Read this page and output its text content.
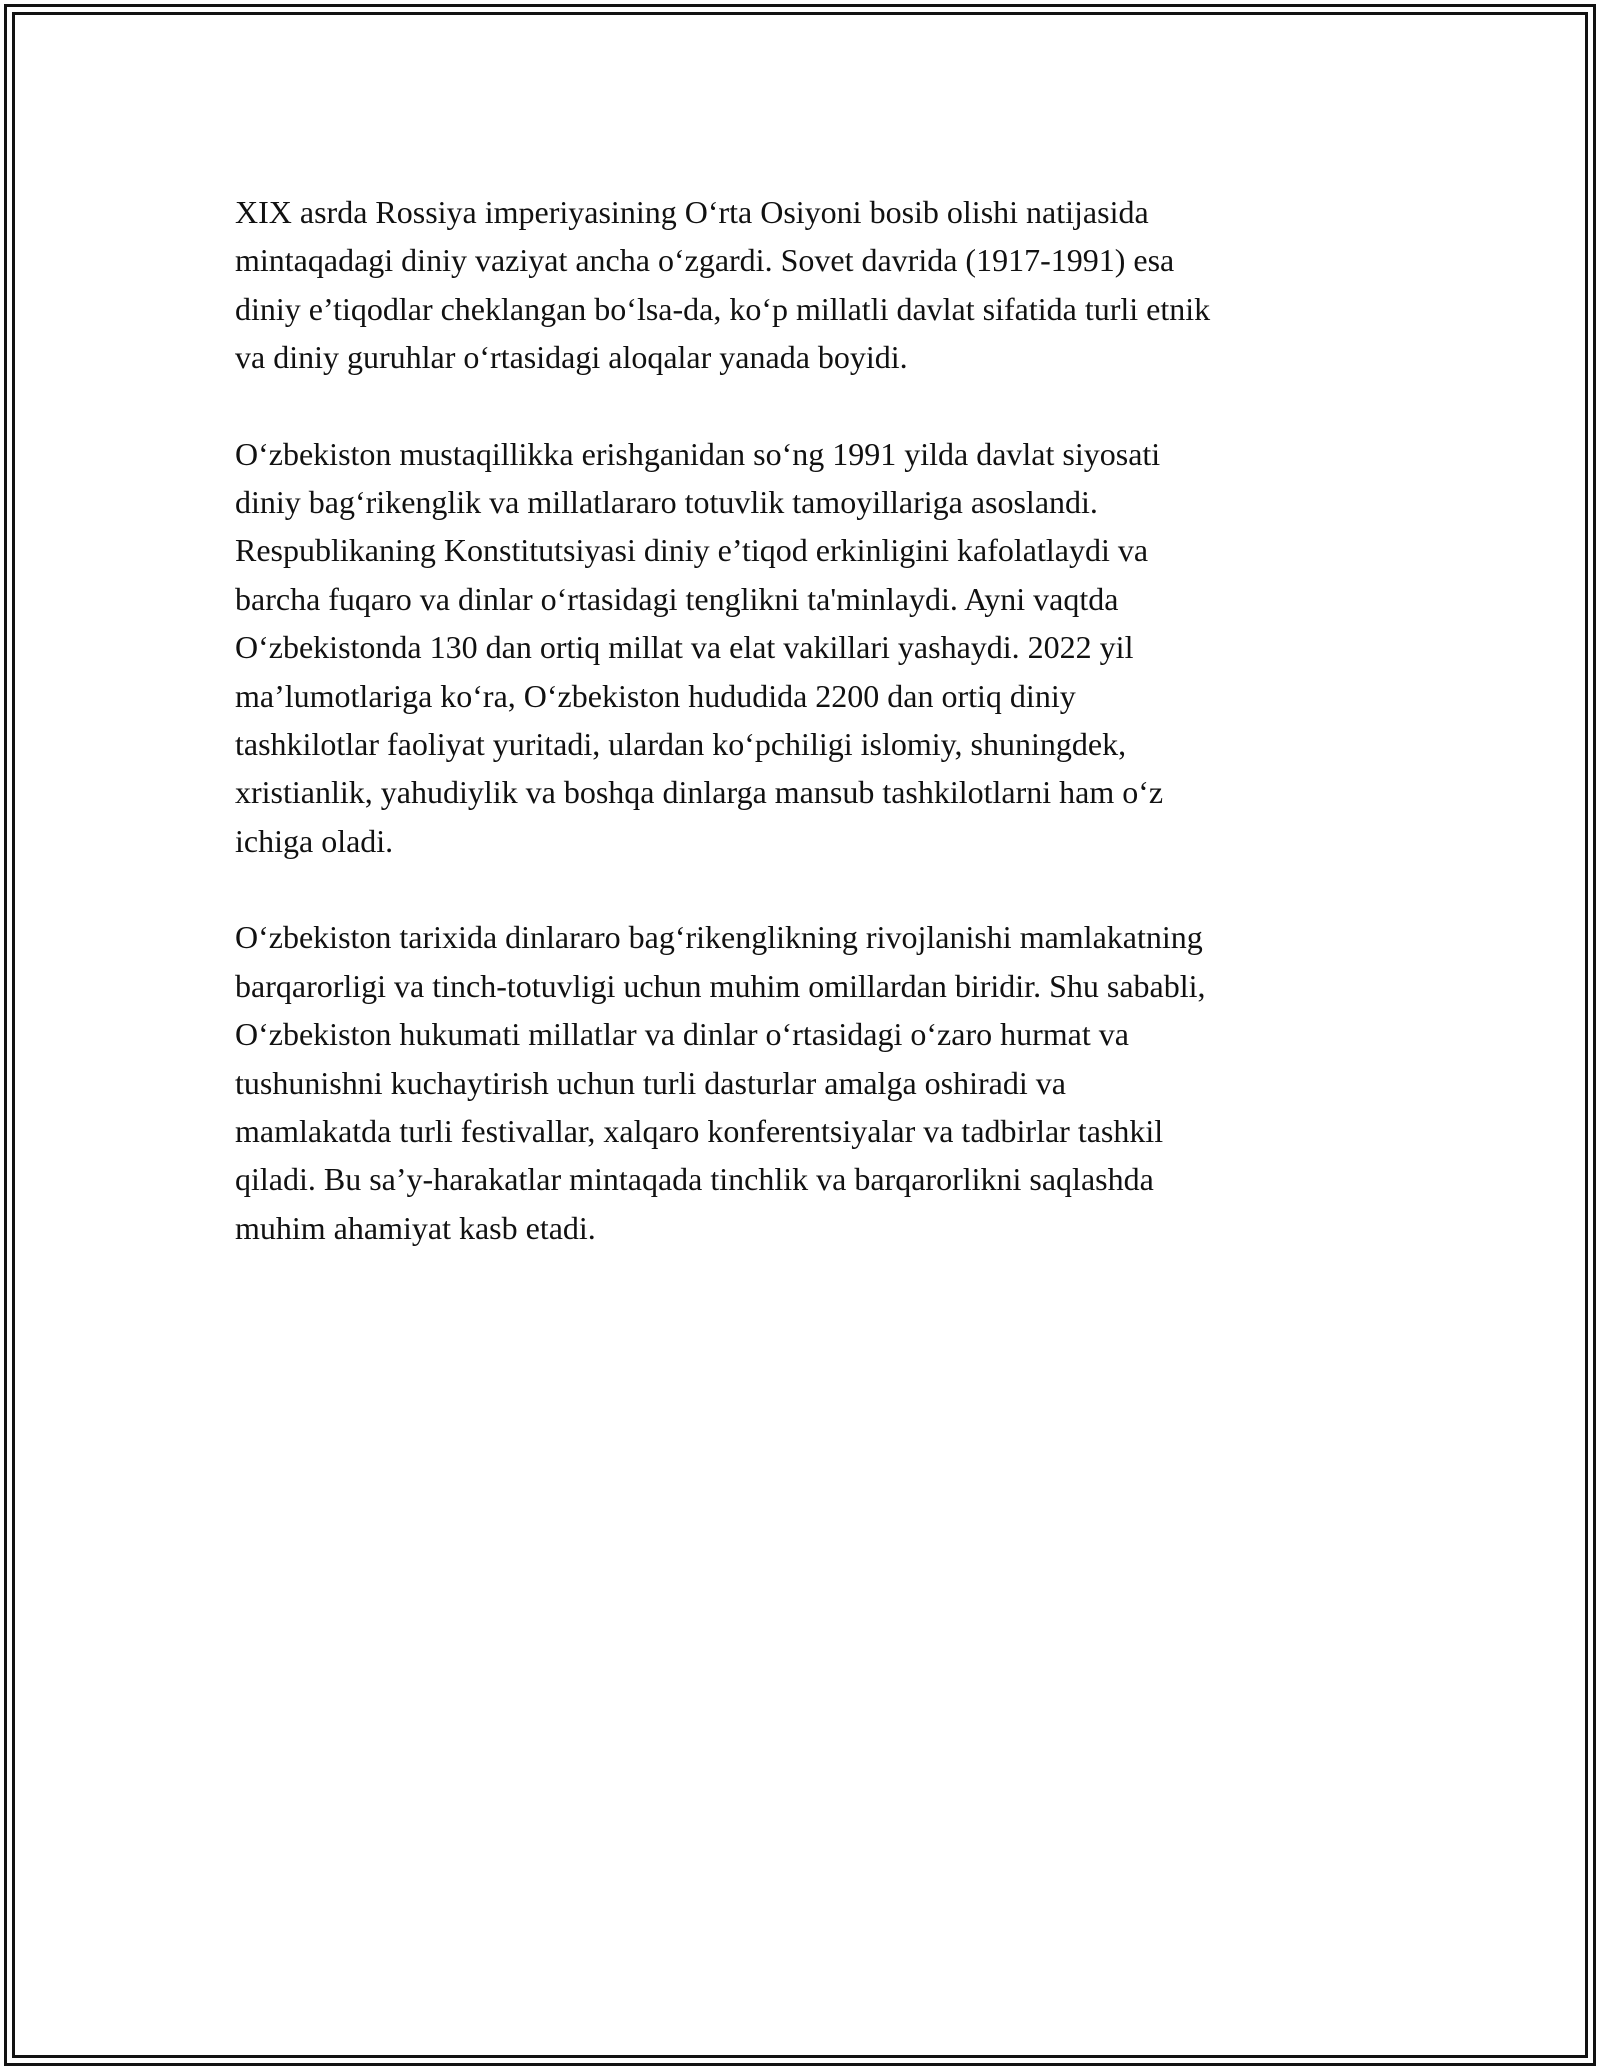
XIX asrda Rossiya imperiyasining O‘rta Osiyoni bosib olishi natijasida
mintaqadagi diniy vaziyat ancha o‘zgardi. Sovet davrida (1917-1991) esa
diniy e’tiqodlar cheklangan bo‘lsa-da, ko‘p millatli davlat sifatida turli etnik
va diniy guruhlar o‘rtasidagi aloqalar yanada boyidi.

O‘zbekiston mustaqillikka erishganidan so‘ng 1991 yilda davlat siyosati
diniy bag‘rikenglik va millatlararo totuvlik tamoyillariga asoslandi.
Respublikaning Konstitutsiyasi diniy e’tiqod erkinligini kafolatlaydi va
barcha fuqaro va dinlar o‘rtasidagi tenglikni ta'minlaydi. Ayni vaqtda
O‘zbekistonda 130 dan ortiq millat va elat vakillari yashaydi. 2022 yil
ma’lumotlariga ko‘ra, O‘zbekiston hududida 2200 dan ortiq diniy
tashkilotlar faoliyat yuritadi, ulardan ko‘pchiligi islomiy, shuningdek,
xristianlik, yahudiylik va boshqa dinlarga mansub tashkilotlarni ham o‘z
ichiga oladi.

O‘zbekiston tarixida dinlararo bag‘rikenglikning rivojlanishi mamlakatning
barqarorligi va tinch-totuvligi uchun muhim omillardan biridir. Shu sababli,
O‘zbekiston hukumati millatlar va dinlar o‘rtasidagi o‘zaro hurmat va
tushunishni kuchaytirish uchun turli dasturlar amalga oshiradi va
mamlakatda turli festivallar, xalqaro konferentsiyalar va tadbirlar tashkil
qiladi. Bu sa’y-harakatlar mintaqada tinchlik va barqarorlikni saqlashda
muhim ahamiyat kasb etadi.
